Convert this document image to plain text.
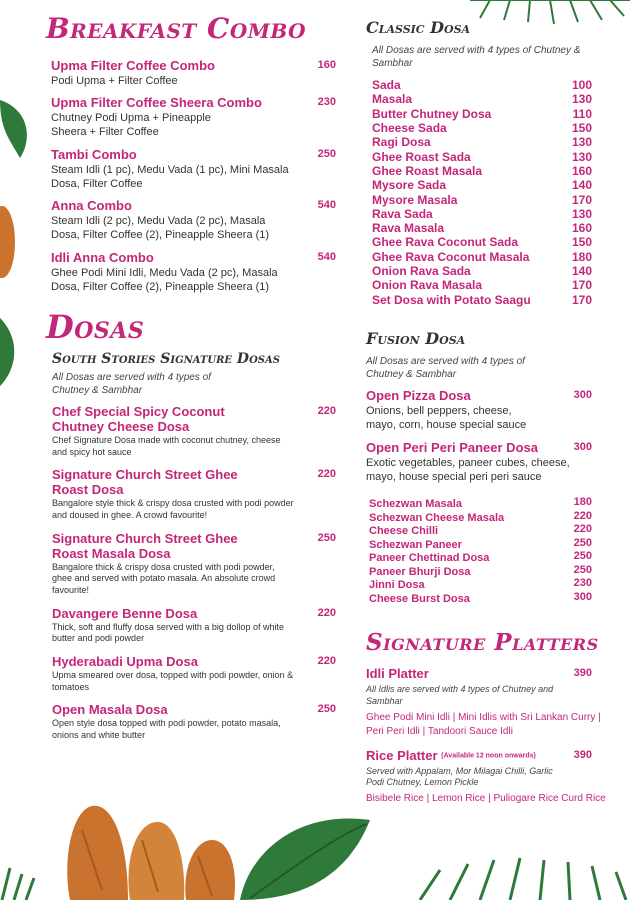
Breakfast Combo
Upma Filter Coffee Combo	160
Podi Upma + Filter Coffee
Upma Filter Coffee Sheera Combo	230
Chutney Podi Upma + Pineapple Sheera + Filter Coffee
Tambi Combo	250
Steam Idli (1 pc), Medu Vada (1 pc), Mini Masala Dosa, Filter Coffee
Anna Combo	540
Steam Idli (2 pc), Medu Vada (2 pc), Masala Dosa, Filter Coffee (2), Pineapple Sheera (1)
Idli Anna Combo	540
Ghee Podi Mini Idli, Medu Vada (2 pc), Masala Dosa, Filter Coffee (2), Pineapple Sheera (1)
Dosas
South Stories Signature Dosas
All Dosas are served with 4 types of Chutney & Sambhar
Chef Special Spicy Coconut Chutney Cheese Dosa
220
Chef Signature Dosa made with coconut chutney, cheese and spicy hot sauce
Signature Church Street Ghee Roast Dosa
220
Bangalore style thick & crispy dosa crusted with podi powder and doused in ghee. A crowd favourite!
Signature Church Street Ghee Roast Masala Dosa
250
Bangalore thick & crispy dosa crusted with podi powder, ghee and served with potato masala. An absolute crowd favourite!
Davangere Benne Dosa	220
Thick, soft and fluffy dosa served with a big dollop of white butter and podi powder
Hyderabadi Upma Dosa	220
Upma smeared over dosa, topped with podi powder, onion & tomatoes
Open Masala Dosa	250
Open style dosa topped with podi powder, potato masala, onions and white butter
Classic Dosa
All Dosas are served with 4 types of Chutney & Sambhar
Sada	100
Masala	130
Butter Chutney Dosa	110
Cheese Sada	150
Ragi Dosa	130
Ghee Roast Sada	130
Ghee Roast Masala	160
Mysore Sada	140
Mysore Masala	170
Rava Sada	130
Rava Masala	160
Ghee Rava Coconut Sada	150
Ghee Rava Coconut Masala	180
Onion Rava Sada	140
Onion Rava Masala	170
Set Dosa with Potato Saagu	170
Fusion Dosa
All Dosas are served with 4 types of Chutney & Sambhar
Open Pizza Dosa	300
Onions, bell peppers, cheese, mayo, corn, house special sauce
Open Peri Peri Paneer Dosa	300
Exotic vegetables, paneer cubes, cheese, mayo, house special peri peri sauce
Schezwan Masala	180
Schezwan Cheese Masala	220
Cheese Chilli	220
Schezwan Paneer	250
Paneer Chettinad Dosa	250
Paneer Bhurji Dosa	250
Jinni Dosa	230
Cheese Burst Dosa	300
Signature Platters
Idli Platter	390
All Idlis are served with 4 types of Chutney and Sambhar
Ghee Podi Mini Idli | Mini Idlis with Sri Lankan Curry | Peri Peri Idli | Tandoori Sauce Idli
Rice Platter (Available 12 noon onwards)	390
Served with Appalam, Mor Milagai Chilli, Garlic Podi Chutney, Lemon Pickle
Bisibele Rice | Lemon Rice | Puliogare Rice Curd Rice
